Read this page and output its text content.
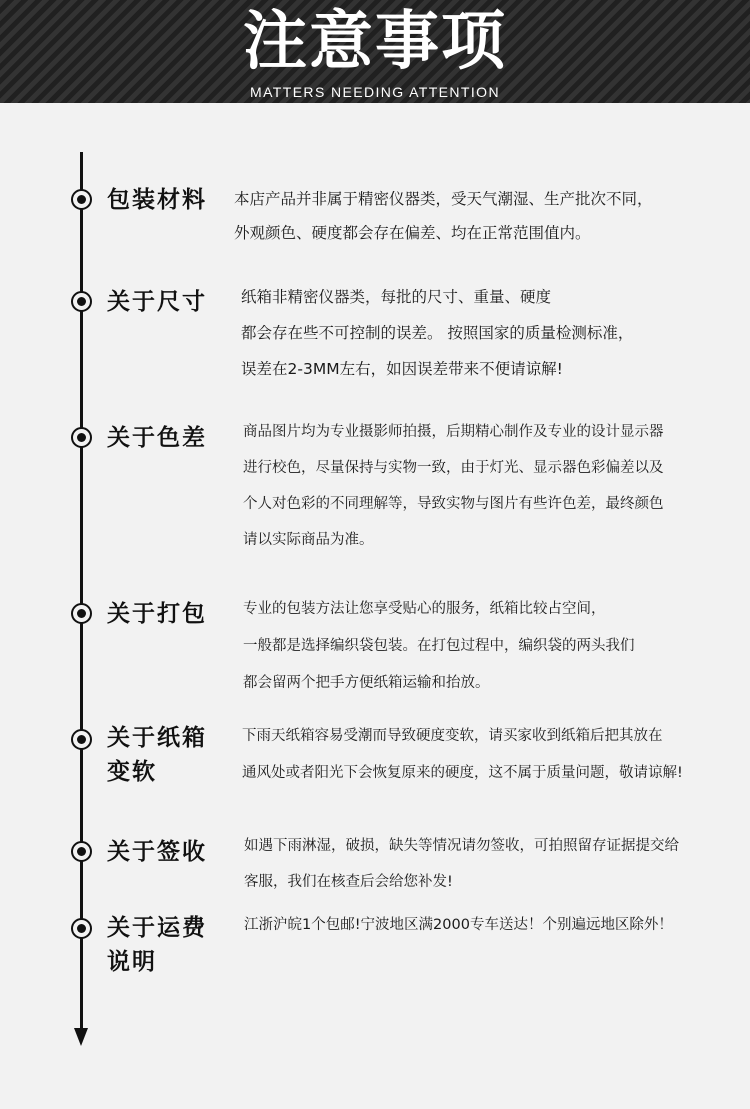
注意事项
MATTERS NEEDING ATTENTION
包装材料 本店产品并非属于精密仪器类，受天气潮湿、生产批次不同，
外观颜色、硬度都会存在偏差、均在正常范围值内。
关于尺寸 纸箱非精密仪器类，每批的尺寸、重量、硬度
都会存在些不可控制的误差。 按照国家的质量检测标准，
误差在2-3MM左右，如因误差带来不便请谅解!
关于色差 商品图片均为专业摄影师拍摄，后期精心制作及专业的设计显示器
进行校色，尽量保持与实物一致，由于灯光、显示器色彩偏差以及
个人对色彩的不同理解等，导致实物与图片有些许色差，最终颜色
请以实际商品为准。
关于打包 专业的包装方法让您享受贴心的服务，纸箱比较占空间，
一般都是选择编织袋包装。在打包过程中，编织袋的两头我们
都会留两个把手方便纸箱运输和抬放。
关于纸箱
变软
下雨天纸箱容易受潮而导致硬度变软，请买家收到纸箱后把其放在
通风处或者阳光下会恢复原来的硬度，这不属于质量问题，敬请谅解!
关于签收	如遇下雨淋湿，破损，缺失等情况请勿签收，可拍照留存证据提交给
客服，我们在核查后会给您补发!
关于运费
说明
江浙沪皖1个包邮!宁波地区满2000专车送达！个别遍远地区除外！
